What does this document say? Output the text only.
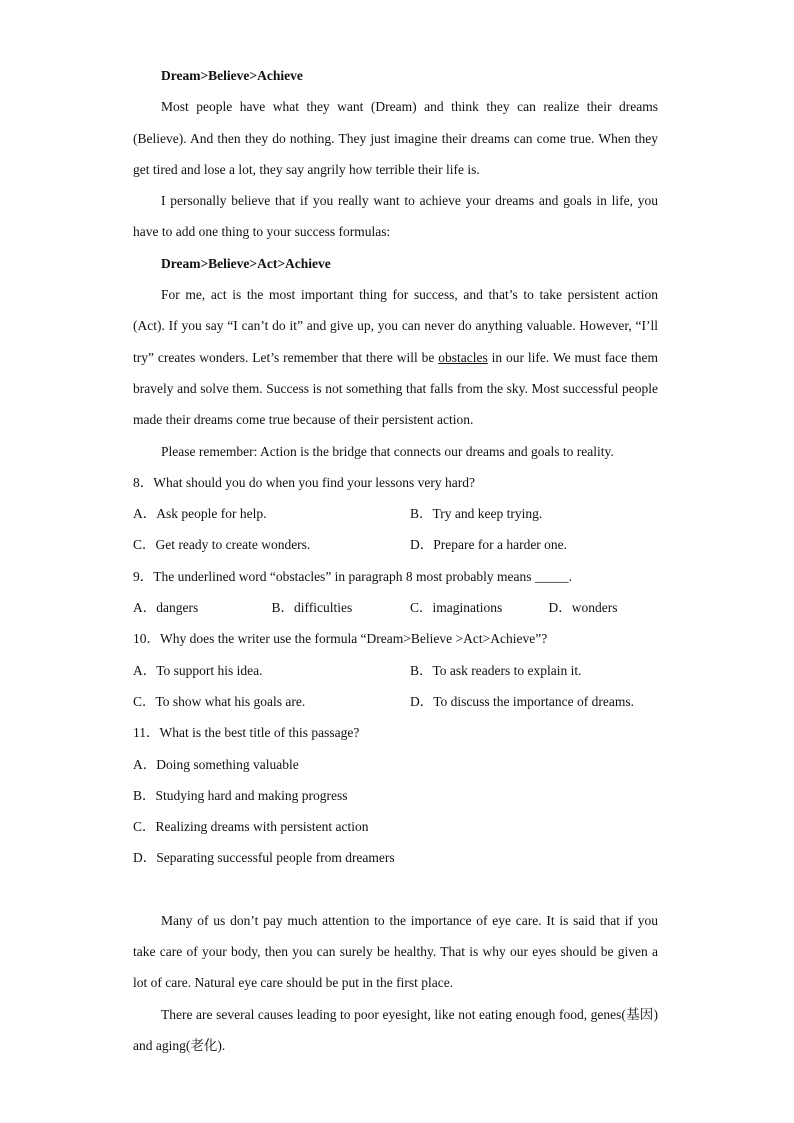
Dream>Believe>Achieve

Most people have what they want (Dream) and think they can realize their dreams (Believe). And then they do nothing. They just imagine their dreams can come true. When they get tired and lose a lot, they say angrily how terrible their life is.

I personally believe that if you really want to achieve your dreams and goals in life, you have to add one thing to your success formulas:

Dream>Believe>Act>Achieve

For me, act is the most important thing for success, and that’s to take persistent action (Act). If you say “I can’t do it” and give up, you can never do anything valuable. However, “I’ll try” creates wonders. Let’s remember that there will be obstacles in our life. We must face them bravely and solve them. Success is not something that falls from the sky. Most successful people made their dreams come true because of their persistent action.

Please remember: Action is the bridge that connects our dreams and goals to reality.

8．What should you do when you find your lessons very hard?

A．Ask people for help.	B．Try and keep trying.
C．Get ready to create wonders.	D．Prepare for a harder one.

9．The underlined word “obstacles” in paragraph 8 most probably means _____.

A．dangers	B．difficulties	C．imaginations	D．wonders

10．Why does the writer use the formula “Dream>Believe >Act>Achieve”?

A．To support his idea.	B．To ask readers to explain it.
C．To show what his goals are.	D．To discuss the importance of dreams.

11．What is the best title of this passage?

A．Doing something valuable

B．Studying hard and making progress

C．Realizing dreams with persistent action

D．Separating successful people from dreamers

Many of us don’t pay much attention to the importance of eye care. It is said that if you take care of your body, then you can surely be healthy. That is why our eyes should be given a lot of care. Natural eye care should be put in the first place.

There are several causes leading to poor eyesight, like not eating enough food, genes(基因) and aging(老化).
